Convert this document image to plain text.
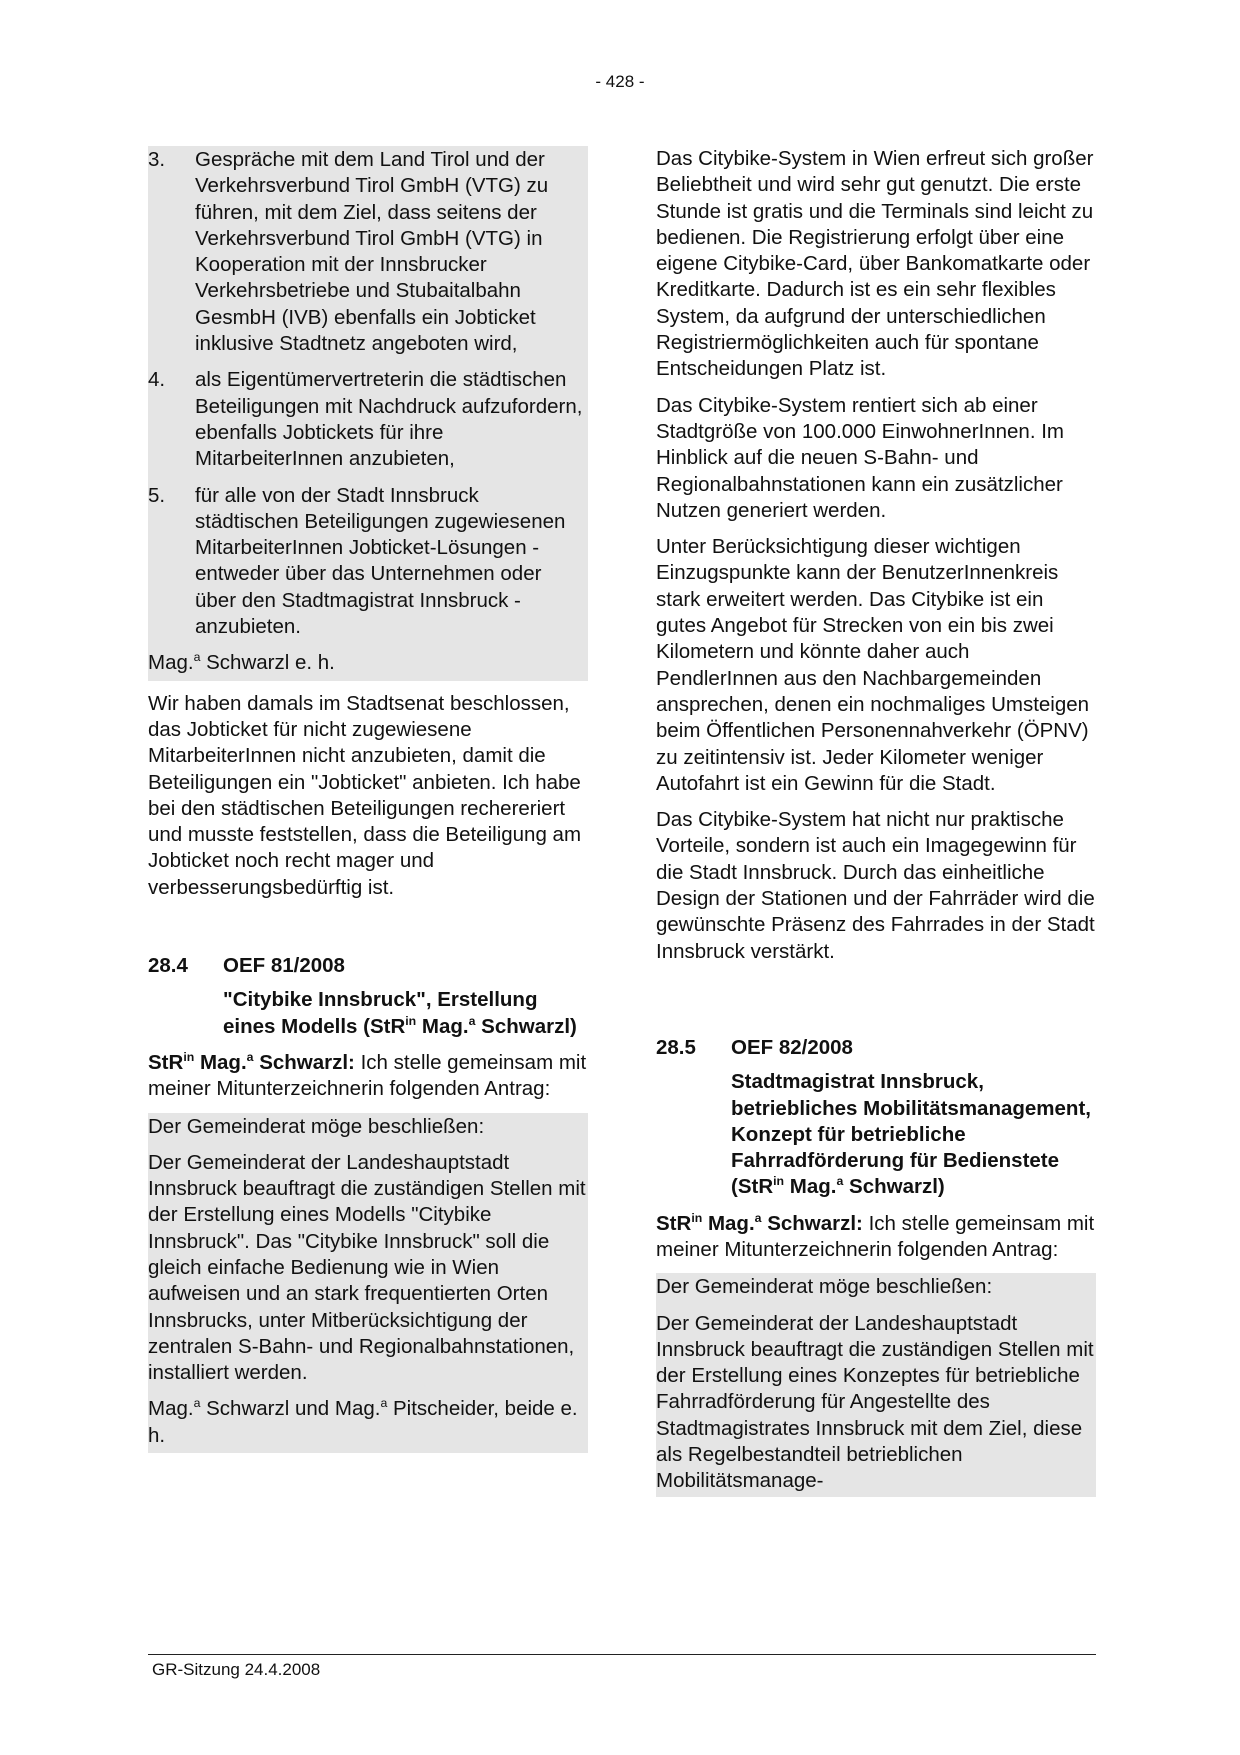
- 428 -
3.	Gespräche mit dem Land Tirol und der Verkehrsverbund Tirol GmbH (VTG) zu führen, mit dem Ziel, dass seitens der Verkehrsverbund Tirol GmbH (VTG) in Kooperation mit der Innsbrucker Verkehrsbetriebe und Stubaitalbahn GesmbH (IVB) ebenfalls ein Jobticket inklusive Stadtnetz angeboten wird,
4.	als Eigentümervertreterin die städtischen Beteiligungen mit Nachdruck aufzufordern, ebenfalls Jobtickets für ihre MitarbeiterInnen anzubieten,
5.	für alle von der Stadt Innsbruck städtischen Beteiligungen zugewiesenen MitarbeiterInnen Jobticket-Lösungen - entweder über das Unternehmen oder über den Stadtmagistrat Innsbruck - anzubieten.

Mag.$^a$ Schwarzl e. h.

Wir haben damals im Stadtsenat beschlossen, das Jobticket für nicht zugewiesene MitarbeiterInnen nicht anzubieten, damit die Beteiligungen ein "Jobticket" anbieten. Ich habe bei den städtischen Beteiligungen rechereriert und musste feststellen, dass die Beteiligung am Jobticket noch recht mager und verbesserungsbedürftig ist.

28.4	OEF 81/2008

"Citybike Innsbruck", Erstellung eines Modells (StR$^{in}$ Mag.$^a$ Schwarzl)

StR$^{in}$ Mag.$^a$ Schwarzl: Ich stelle gemeinsam mit meiner Mitunterzeichnerin folgenden Antrag:

Der Gemeinderat möge beschließen:

Der Gemeinderat der Landeshauptstadt Innsbruck beauftragt die zuständigen Stellen mit der Erstellung eines Modells "Citybike Innsbruck". Das "Citybike Innsbruck" soll die gleich einfache Bedienung wie in Wien aufweisen und an stark frequentierten Orten Innsbrucks, unter Mitberücksichtigung der zentralen S-Bahn- und Regionalbahnstationen, installiert werden.

Mag.$^a$ Schwarzl und Mag.$^a$ Pitscheider, beide e. h.

Das Citybike-System in Wien erfreut sich großer Beliebtheit und wird sehr gut genutzt. Die erste Stunde ist gratis und die Terminals sind leicht zu bedienen. Die Registrierung erfolgt über eine eigene Citybike-Card, über Bankomatkarte oder Kreditkarte. Dadurch ist es ein sehr flexibles System, da aufgrund der unterschiedlichen Registriermöglichkeiten auch für spontane Entscheidungen Platz ist.

Das Citybike-System rentiert sich ab einer Stadtgröße von 100.000 EinwohnerInnen. Im Hinblick auf die neuen S-Bahn- und Regionalbahnstationen kann ein zusätzlicher Nutzen generiert werden.

Unter Berücksichtigung dieser wichtigen Einzugspunkte kann der BenutzerInnenkreis stark erweitert werden. Das Citybike ist ein gutes Angebot für Strecken von ein bis zwei Kilometern und könnte daher auch PendlerInnen aus den Nachbargemeinden ansprechen, denen ein nochmaliges Umsteigen beim Öffentlichen Personennahverkehr (ÖPNV) zu zeitintensiv ist. Jeder Kilometer weniger Autofahrt ist ein Gewinn für die Stadt.

Das Citybike-System hat nicht nur praktische Vorteile, sondern ist auch ein Imagegewinn für die Stadt Innsbruck. Durch das einheitliche Design der Stationen und der Fahrräder wird die gewünschte Präsenz des Fahrrades in der Stadt Innsbruck verstärkt.

28.5	OEF 82/2008

Stadtmagistrat Innsbruck, betriebliches Mobilitätsmanagement, Konzept für betriebliche Fahrradförderung für Bedienstete (StR$^{in}$ Mag.$^a$ Schwarzl)

StR$^{in}$ Mag.$^a$ Schwarzl: Ich stelle gemeinsam mit meiner Mitunterzeichnerin folgenden Antrag:

Der Gemeinderat möge beschließen:

Der Gemeinderat der Landeshauptstadt Innsbruck beauftragt die zuständigen Stellen mit der Erstellung eines Konzeptes für betriebliche Fahrradförderung für Angestellte des Stadtmagistrates Innsbruck mit dem Ziel, diese als Regelbestandteil betrieblichen Mobilitätsmanage-

GR-Sitzung 24.4.2008
